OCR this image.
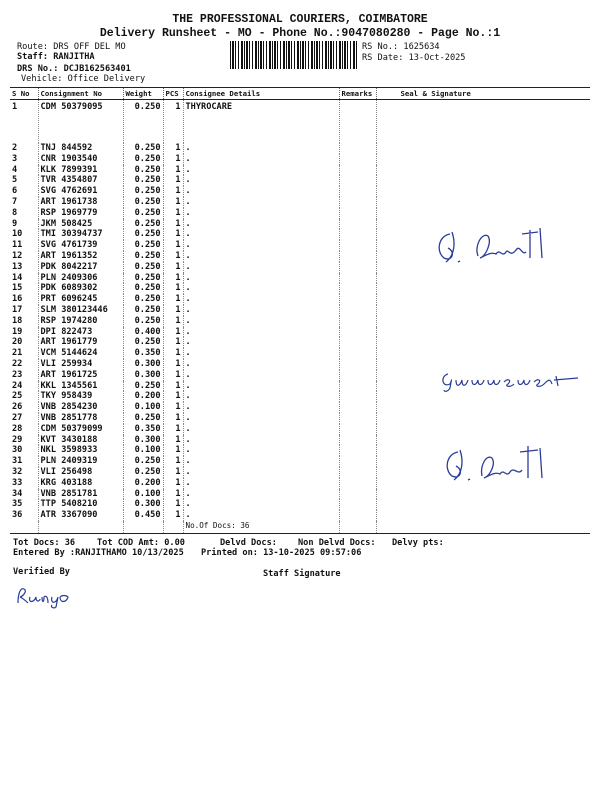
THE PROFESSIONAL COURIERS, COIMBATORE
Delivery Runsheet - MO - Phone No.:9047080280 - Page No.:1
Route: DRS OFF DEL MO
Staff: RANJITHA
DRS No.: DCJB162563401
Vehicle: Office Delivery
RS No.: 1625634
RS Date: 13-Oct-2025
S No	Consignment No	Weight	PCS	Consignee Details	Remarks	Seal & Signature
1	CDM 50379095	0.250	1	THYROCARE		
2	TNJ 844592	0.250	1	.		
3	CNR 1903540	0.250	1	.		
4	KLK 7899391	0.250	1	.		
5	TVR 4354807	0.250	1	.		
6	SVG 4762691	0.250	1	.		
7	ART 1961738	0.250	1	.		
8	RSP 1969779	0.250	1	.		
9	JKM 508425	0.250	1	.		
10	TMI 30394737	0.250	1	.		
11	SVG 4761739	0.250	1	.		
12	ART 1961352	0.250	1	.		
13	PDK 8042217	0.250	1	.		
14	PLN 2409306	0.250	1	.		
15	PDK 6089302	0.250	1	.		
16	PRT 6096245	0.250	1	.		
17	SLM 380123446	0.250	1	.		
18	RSP 1974280	0.250	1	.		
19	DPI 822473	0.400	1	.		
20	ART 1961779	0.250	1	.		
21	VCM 5144624	0.350	1	.		
22	VLI 259934	0.300	1	.		
23	ART 1961725	0.300	1	.		
24	KKL 1345561	0.250	1	.		
25	TKY 958439	0.200	1	.		
26	VNB 2854230	0.100	1	.		
27	VNB 2851778	0.250	1	.		
28	CDM 50379099	0.350	1	.		
29	KVT 3430188	0.300	1	.		
30	NKL 3598933	0.100	1	.		
31	PLN 2409319	0.250	1	.		
32	VLI 256498	0.250	1	.		
33	KRG 403188	0.200	1	.		
34	VNB 2851781	0.100	1	.		
35	TTP 5408210	0.300	1	.		
36	ATR 3367090	0.450	1	.		
				No.Of Docs: 36		
Tot Docs: 36	Tot COD Amt: 0.00	Delvd Docs: Non Delvd Docs: Delvy pts:
Entered By :RANJITHAMO 10/13/2025 Printed on: 13-10-2025 09:57:06
Verified By	Staff Signature
